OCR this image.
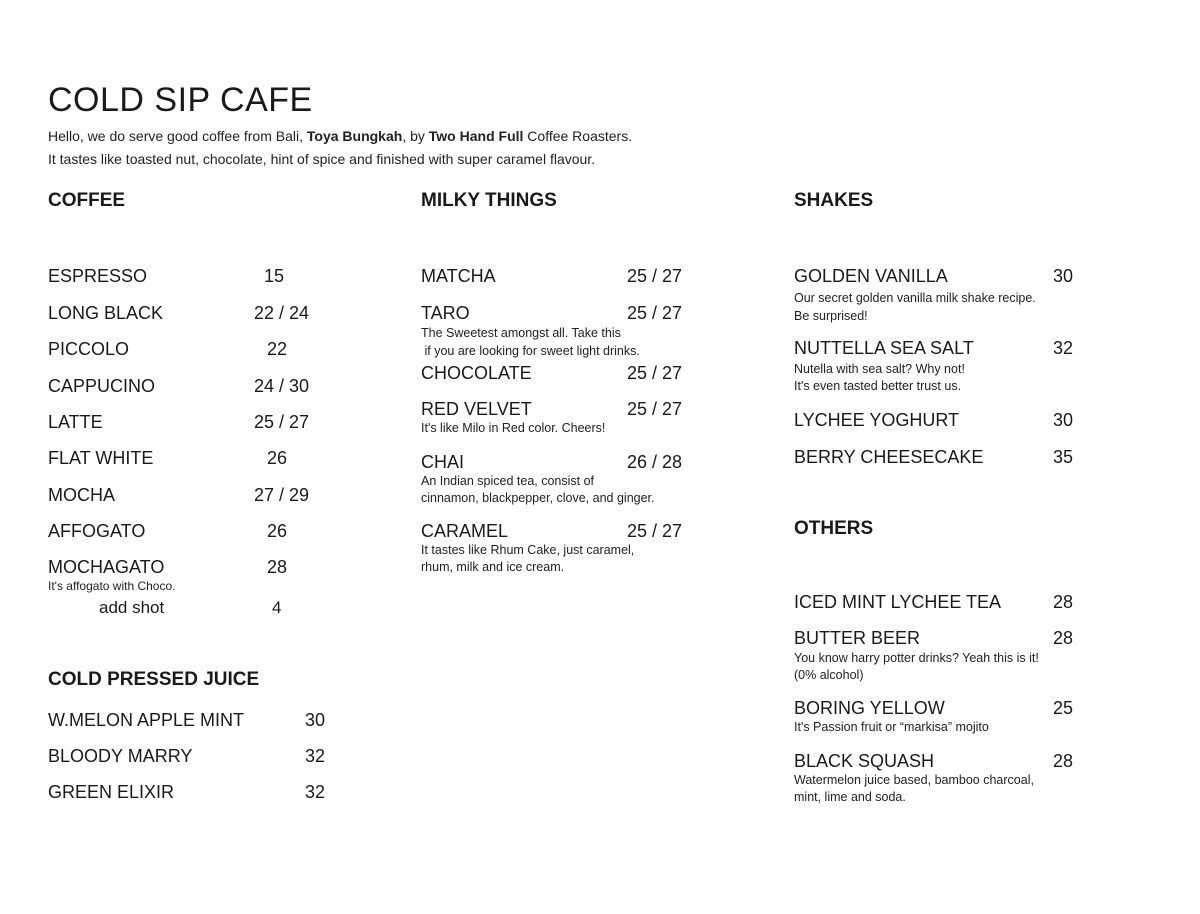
COLD SIP CAFE
Hello, we do serve good coffee from Bali, Toya Bungkah, by Two Hand Full Coffee Roasters.
It tastes like toasted nut, chocolate, hint of spice and finished with super caramel flavour.
COFFEE
ESPRESSO	15
LONG BLACK	22 / 24
PICCOLO	22
CAPPUCINO	24 / 30
LATTE	25 / 27
FLAT WHITE	26
MOCHA	27 / 29
AFFOGATO	26
MOCHAGATO	28
It's affogato with Choco.
add shot	4
COLD PRESSED JUICE
W.MELON APPLE MINT	30
BLOODY MARRY	32
GREEN ELIXIR	32
MILKY THINGS
MATCHA	25 / 27
TARO	25 / 27
The Sweetest amongst all. Take this
if you are looking for sweet light drinks.
CHOCOLATE	25 / 27
RED VELVET	25 / 27
It's like Milo in Red color. Cheers!
CHAI	26 / 28
An Indian spiced tea, consist of
cinnamon, blackpepper, clove, and ginger.
CARAMEL	25 / 27
It tastes like Rhum Cake, just caramel,
rhum, milk and ice cream.
SHAKES
GOLDEN VANILLA	30
Our secret golden vanilla milk shake recipe.
Be surprised!
NUTTELLA SEA SALT	32
Nutella with sea salt? Why not!
It's even tasted better trust us.
LYCHEE YOGHURT	30
BERRY CHEESECAKE	35
OTHERS
ICED MINT LYCHEE TEA	28
BUTTER BEER	28
You know harry potter drinks? Yeah this is it!
(0% alcohol)
BORING YELLOW	25
It's Passion fruit or “markisa” mojito
BLACK SQUASH	28
Watermelon juice based, bamboo charcoal,
mint, lime and soda.
